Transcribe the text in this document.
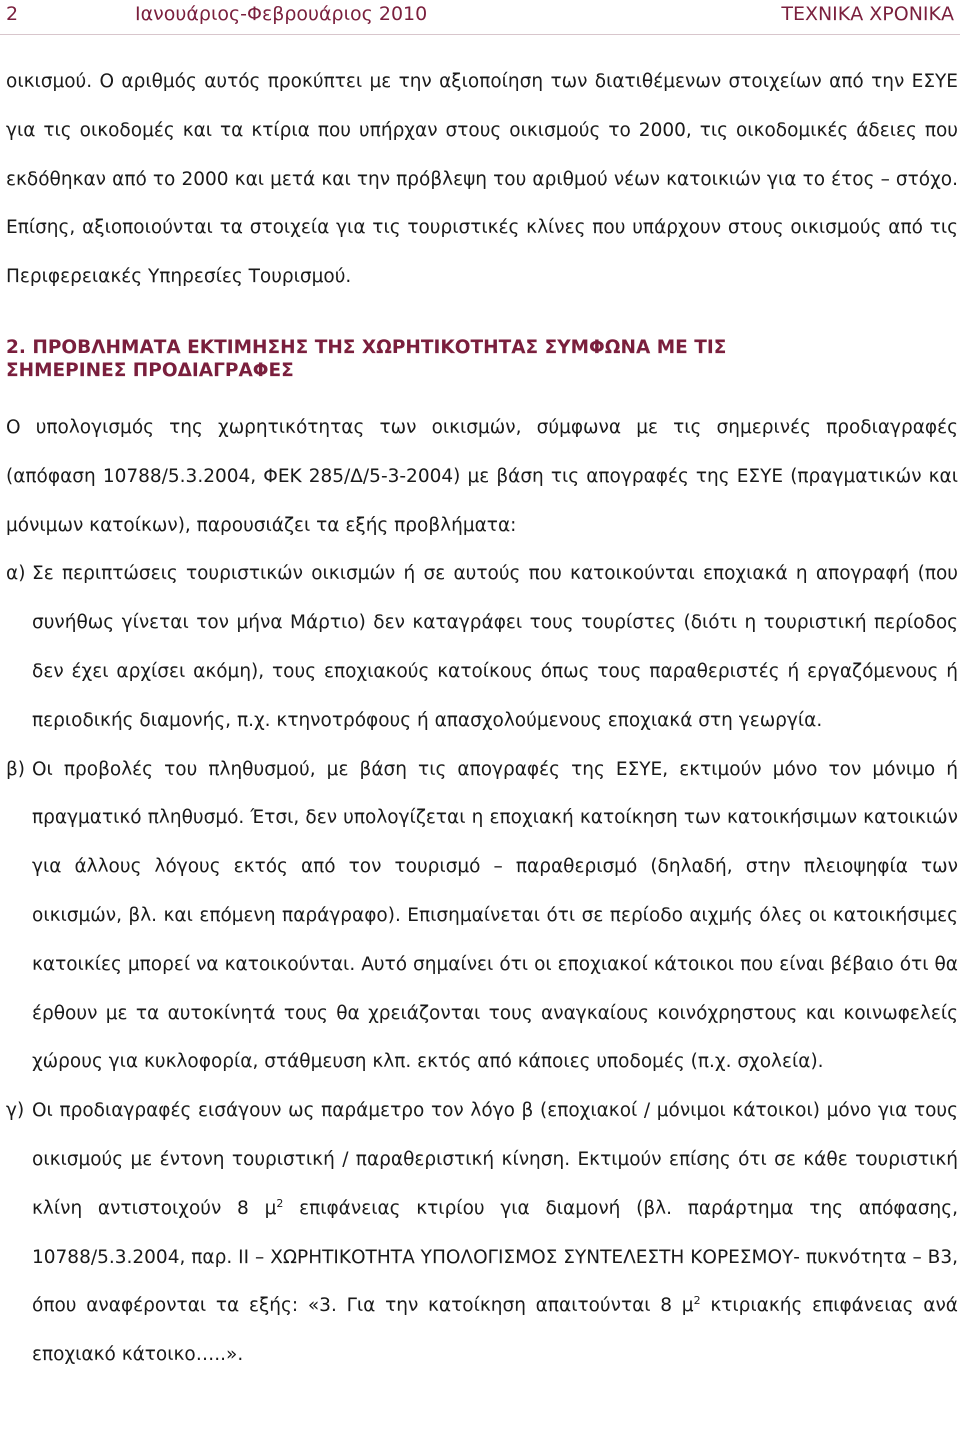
2	Ιανουάριος-Φεβρουάριος 2010	ΤΕΧΝΙΚΑ ΧΡΟΝΙΚΑ

οικισμού. Ο αριθμός αυτός προκύπτει με την αξιοποίηση των διατιθέμενων στοιχείων από την ΕΣΥΕ για τις οικοδομές και τα κτίρια που υπήρχαν στους οικισμούς το 2000, τις οικοδομικές άδειες που εκδόθηκαν από το 2000 και μετά και την πρόβλεψη του αριθμού νέων κατοικιών για το έτος – στόχο. Επίσης, αξιοποιούνται τα στοιχεία για τις τουριστικές κλίνες που υπάρχουν στους οικισμούς από τις Περιφερειακές Υπηρεσίες Τουρισμού.

2. ΠΡΟΒΛΗΜΑΤΑ ΕΚΤΙΜΗΣΗΣ ΤΗΣ ΧΩΡΗΤΙΚΟΤΗΤΑΣ ΣΥΜΦΩΝΑ ΜΕ ΤΙΣ
ΣΗΜΕΡΙΝΕΣ ΠΡΟΔΙΑΓΡΑΦΕΣ

Ο υπολογισμός της χωρητικότητας των οικισμών, σύμφωνα με τις σημερινές προδιαγραφές (απόφαση 10788/5.3.2004, ΦΕΚ 285/Δ/5-3-2004) με βάση τις απογραφές της ΕΣΥΕ (πραγματικών και μόνιμων κατοίκων), παρουσιάζει τα εξής προβλήματα:

α) Σε περιπτώσεις τουριστικών οικισμών ή σε αυτούς που κατοικούνται εποχιακά η απογραφή (που συνήθως γίνεται τον μήνα Μάρτιο) δεν καταγράφει τους τουρίστες (διότι η τουριστική περίοδος δεν έχει αρχίσει ακόμη), τους εποχιακούς κατοίκους όπως τους παραθεριστές ή εργαζόμενους ή περιοδικής διαμονής, π.χ. κτηνοτρόφους ή απασχολούμενους εποχιακά στη γεωργία.

β) Οι προβολές του πληθυσμού, με βάση τις απογραφές της ΕΣΥΕ, εκτιμούν μόνο τον μόνιμο ή πραγματικό πληθυσμό. Έτσι, δεν υπολογίζεται η εποχιακή κατοίκηση των κατοικήσιμων κατοικιών για άλλους λόγους εκτός από τον τουρισμό – παραθερισμό (δηλαδή, στην πλειοψηφία των οικισμών, βλ. και επόμενη παράγραφο). Επισημαίνεται ότι σε περίοδο αιχμής όλες οι κατοικήσιμες κατοικίες μπορεί να κατοικούνται. Αυτό σημαίνει ότι οι εποχιακοί κάτοικοι που είναι βέβαιο ότι θα έρθουν με τα αυτοκίνητά τους θα χρειάζονται τους αναγκαίους κοινόχρηστους και κοινωφελείς χώρους για κυκλοφορία, στάθμευση κλπ. εκτός από κάποιες υποδομές (π.χ. σχολεία).

γ) Οι προδιαγραφές εισάγουν ως παράμετρο τον λόγο β (εποχιακοί / μόνιμοι κάτοικοι) μόνο για τους οικισμούς με έντονη τουριστική / παραθεριστική κίνηση. Εκτιμούν επίσης ότι σε κάθε τουριστική κλίνη αντιστοιχούν 8 $\mu^2$ επιφάνειας κτιρίου για διαμονή (βλ. παράρτημα της απόφασης, 10788/5.3.2004, παρ. ΙΙ – ΧΩΡΗΤΙΚΟΤΗΤΑ ΥΠΟΛΟΓΙΣΜΟΣ ΣΥΝΤΕΛΕΣΤΗ ΚΟΡΕΣΜΟΥ- πυκνότητα – Β3, όπου αναφέρονται τα εξής: «3. Για την κατοίκηση απαιτούνται 8 $\mu^2$ κτιριακής επιφάνειας ανά εποχιακό κάτοικο…..».
